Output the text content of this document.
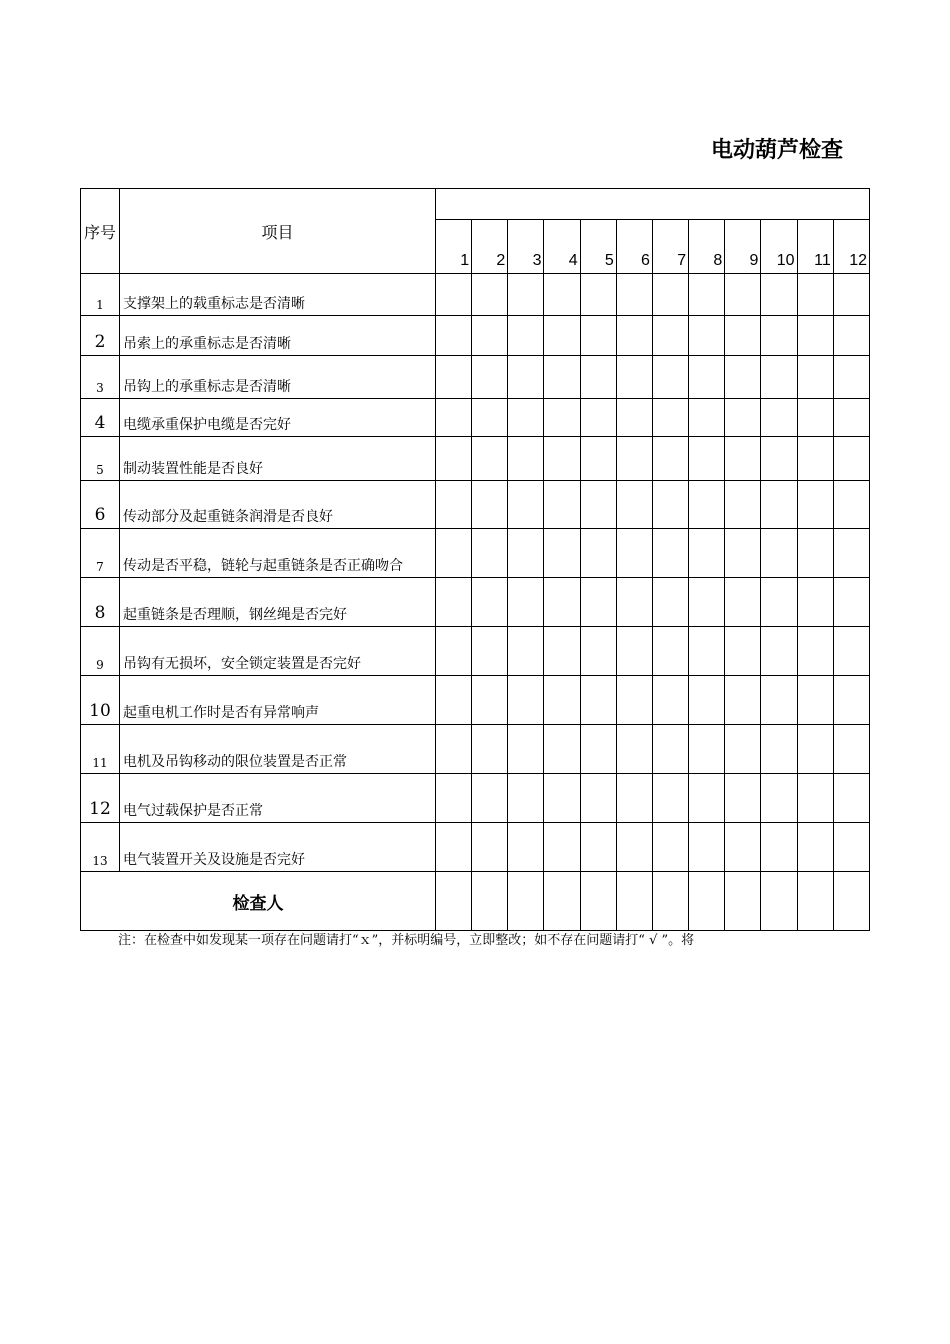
电动葫芦检查
序号	项目												
		1	2	3	4	5	6	7	8	9	10	11	12
1	支撑架上的载重标志是否清晰												
2	吊索上的承重标志是否清晰												
3	吊钩上的承重标志是否清晰												
4	电缆承重保护电缆是否完好												
5	制动装置性能是否良好												
6	传动部分及起重链条润滑是否良好												
7	传动是否平稳，链轮与起重链条是否正确吻合												
8	起重链条是否理顺，钢丝绳是否完好												
9	吊钩有无损坏，安全锁定装置是否完好												
10	起重电机工作时是否有异常响声												
11	电机及吊钩移动的限位装置是否正常												
12	电气过载保护是否正常												
13	电气装置开关及设施是否完好												
检查人													
注：在检查中如发现某一项存在问题请打“ｘ”，并标明编号，立即整改；如不存在问题请打“ √ ”。将
